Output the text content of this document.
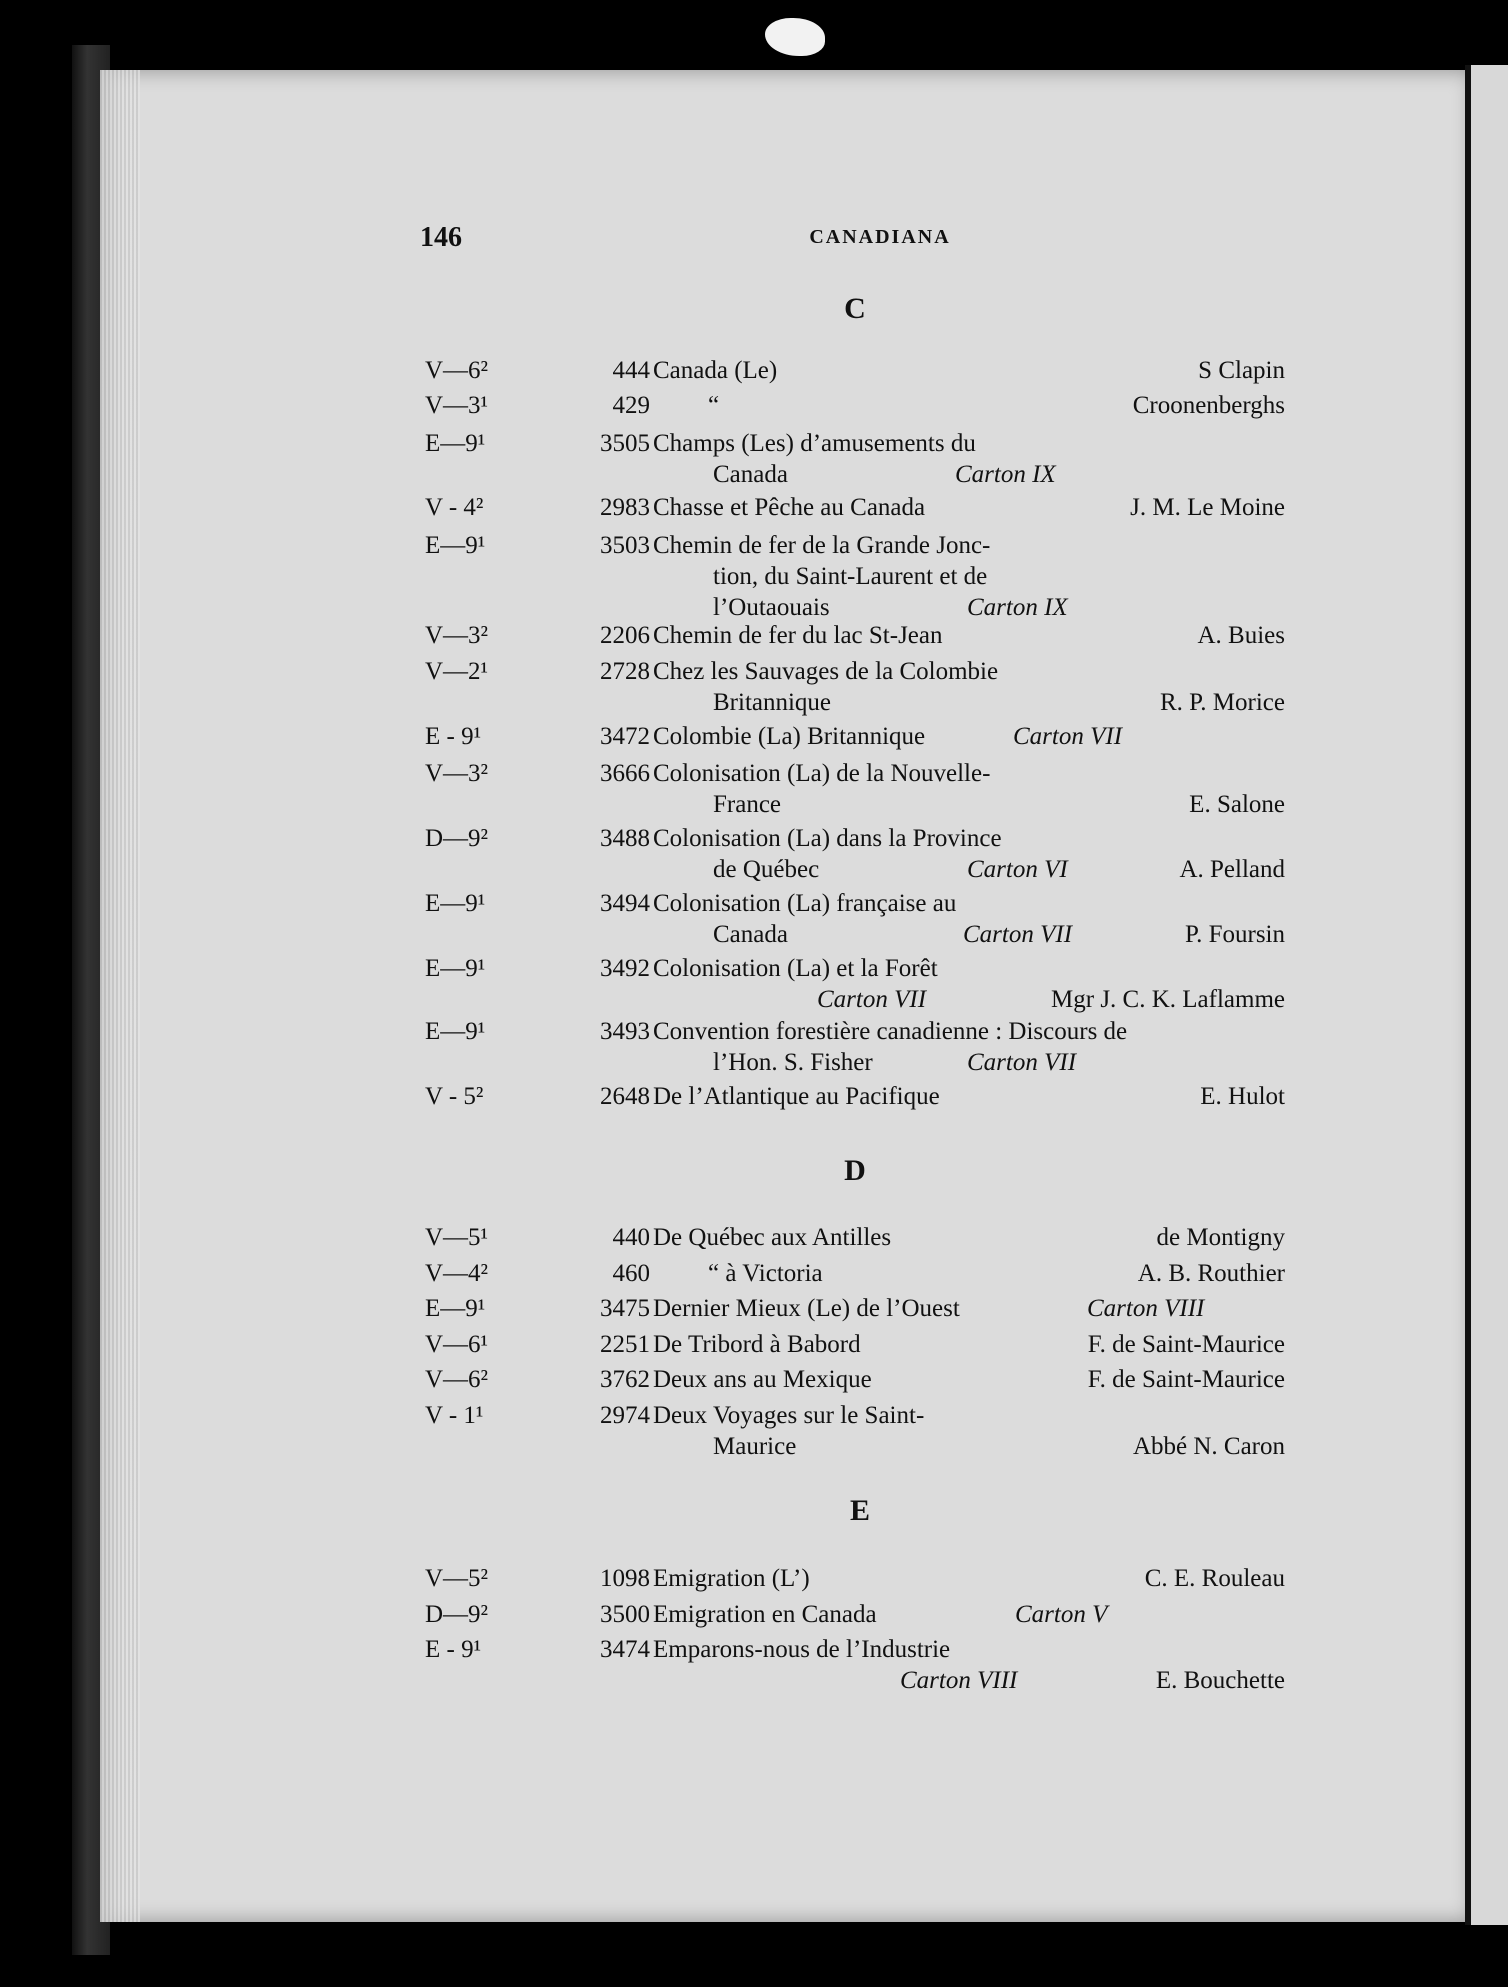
146	CANADIANA
C
D
E
V—6²	444 Canada (Le)	S Clapin
V—3¹	429 “	Croonenberghs
E—9¹	3505 Champs (Les) d’amusements du
Canada	Carton IX
V - 4²	2983 Chasse et Pêche au Canada	J. M. Le Moine
E—9¹	3503 Chemin de fer de la Grande Jonc-
tion, du Saint-Laurent et de
l’Outaouais	Carton IX
V—3²	2206 Chemin de fer du lac St-Jean	A. Buies
V—2¹	2728 Chez les Sauvages de la Colombie
Britannique	R. P. Morice
E - 9¹	3472 Colombie (La) Britannique	Carton VII
V—3²	3666 Colonisation (La) de la Nouvelle-
France	E. Salone
D—9²	3488 Colonisation (La) dans la Province
de Québec	Carton VI	A. Pelland
E—9¹	3494 Colonisation (La) française au
Canada	Carton VII	P. Foursin
E—9¹	3492 Colonisation (La) et la Forêt
Carton VII	Mgr J. C. K. Laflamme
E—9¹	3493 Convention forestière canadienne : Discours de
l’Hon. S. Fisher	Carton VII
V - 5²	2648 De l’Atlantique au Pacifique	E. Hulot
V—5¹	440 De Québec aux Antilles	de Montigny
V—4²	460 “ à Victoria	A. B. Routhier
E—9¹	3475 Dernier Mieux (Le) de l’Ouest	Carton VIII
V—6¹	2251 De Tribord à Babord	F. de Saint-Maurice
V—6²	3762 Deux ans au Mexique	F. de Saint-Maurice
V - 1¹	2974 Deux Voyages sur le Saint-
Maurice	Abbé N. Caron
V—5²	1098 Emigration (L’)	C. E. Rouleau
D—9²	3500 Emigration en Canada	Carton V
E - 9¹	3474 Emparons-nous de l’Industrie
Carton VIII	E. Bouchette
